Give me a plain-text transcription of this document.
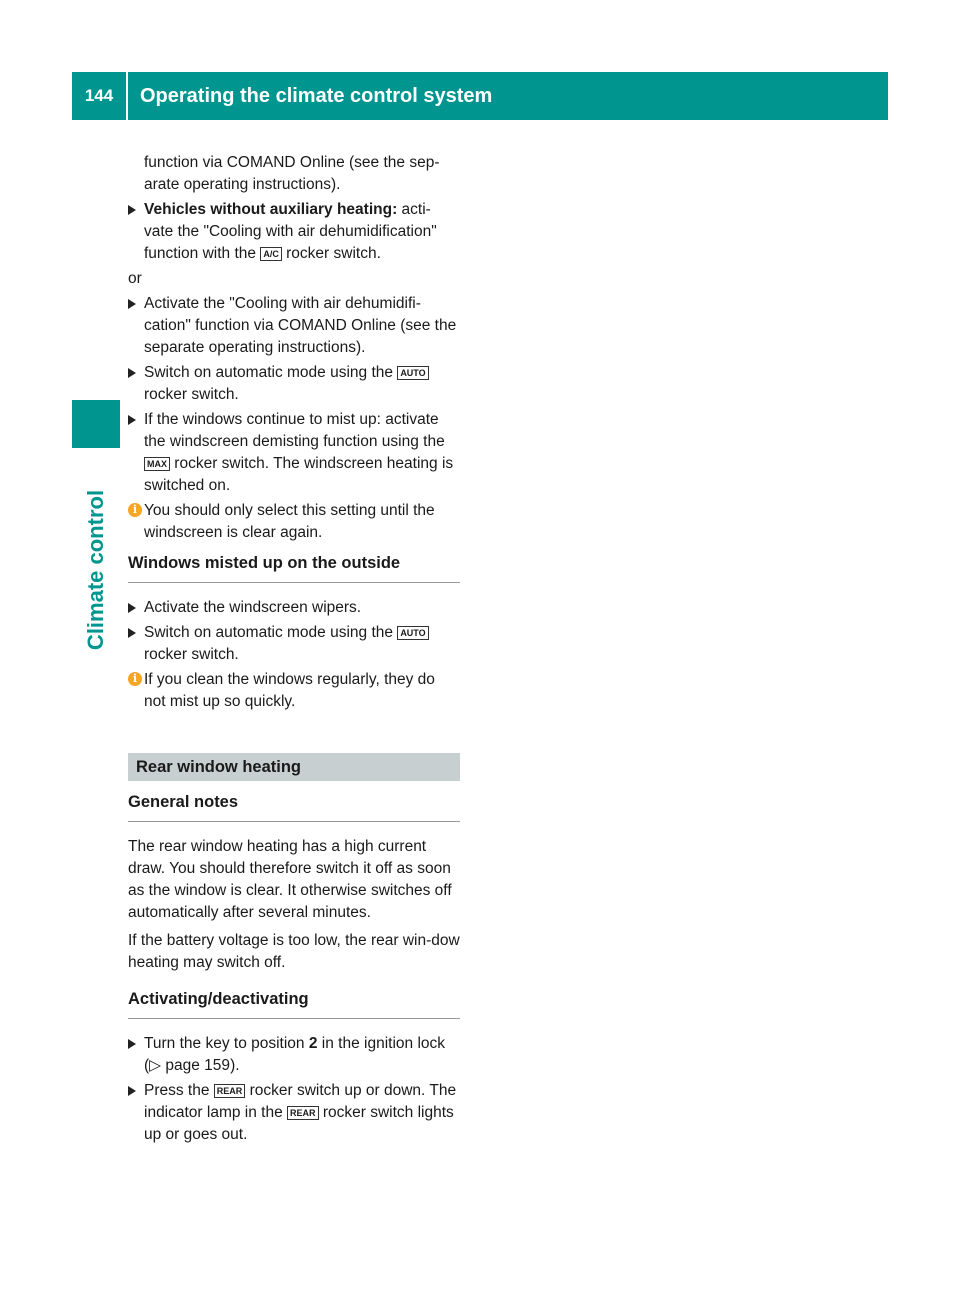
144	Operating the climate control system
Climate control
function via COMAND Online (see the sep-arate operating instructions).
Vehicles without auxiliary heating: acti-vate the "Cooling with air dehumidification" function with the A/C rocker switch.
or
Activate the "Cooling with air dehumidifi-cation" function via COMAND Online (see the separate operating instructions).
Switch on automatic mode using the AUTO rocker switch.
If the windows continue to mist up: activate the windscreen demisting function using the MAX rocker switch. The windscreen heating is switched on.
i You should only select this setting until the windscreen is clear again.
Windows misted up on the outside
Activate the windscreen wipers.
Switch on automatic mode using the AUTO rocker switch.
i If you clean the windows regularly, they do not mist up so quickly.
Rear window heating
General notes
The rear window heating has a high current draw. You should therefore switch it off as soon as the window is clear. It otherwise switches off automatically after several minutes.
If the battery voltage is too low, the rear win-dow heating may switch off.
Activating/deactivating
Turn the key to position 2 in the ignition lock (▷ page 159).
Press the REAR rocker switch up or down. The indicator lamp in the REAR rocker switch lights up or goes out.
